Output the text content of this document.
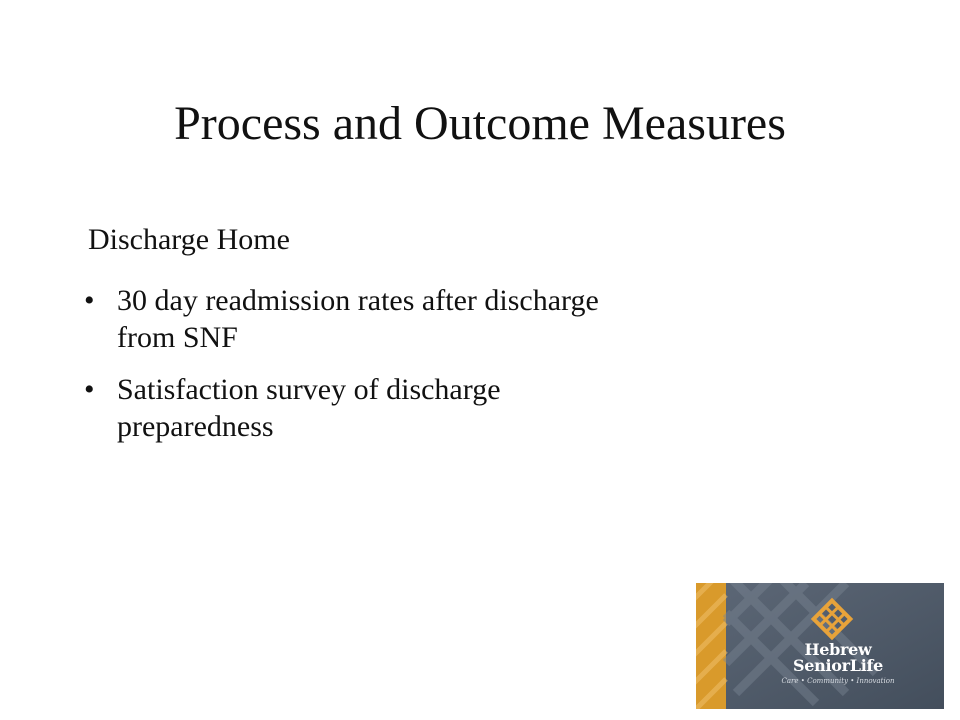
Process and Outcome Measures
Discharge Home
• 30 day readmission rates after discharge
from SNF
• Satisfaction survey of discharge
preparedness
Hebrew
SeniorLife
Care • Community • Innovation
